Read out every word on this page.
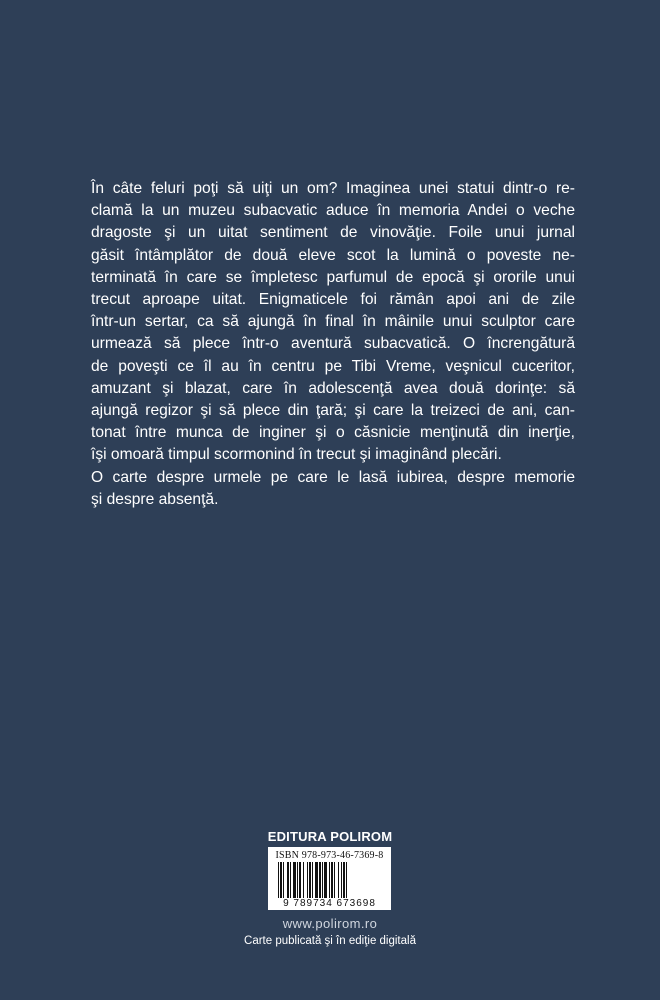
În câte feluri poţi să uiţi un om? Imaginea unei statui dintr-o re-
clamă la un muzeu subacvatic aduce în memoria Andei o veche
dragoste şi un uitat sentiment de vinovăţie. Foile unui jurnal
găsit întâmplător de două eleve scot la lumină o poveste ne-
terminată în care se împletesc parfumul de epocă şi ororile unui
trecut aproape uitat. Enigmaticele foi rămân apoi ani de zile
într-un sertar, ca să ajungă în final în mâinile unui sculptor care
urmează să plece într-o aventură subacvatică. O încrengătură
de poveşti ce îl au în centru pe Tibi Vreme, veşnicul cuceritor,
amuzant şi blazat, care în adolescenţă avea două dorinţe: să
ajungă regizor şi să plece din ţară; şi care la treizeci de ani, can-
tonat între munca de inginer şi o căsnicie menţinută din inerţie,
îşi omoară timpul scormonind în trecut şi imaginând plecări.
O carte despre urmele pe care le lasă iubirea, despre memorie
şi despre absenţă.
EDITURA POLIROM
ISBN 978-973-46-7369-8
9 789734 673698
www.polirom.ro
Carte publicată şi în ediţie digitală
